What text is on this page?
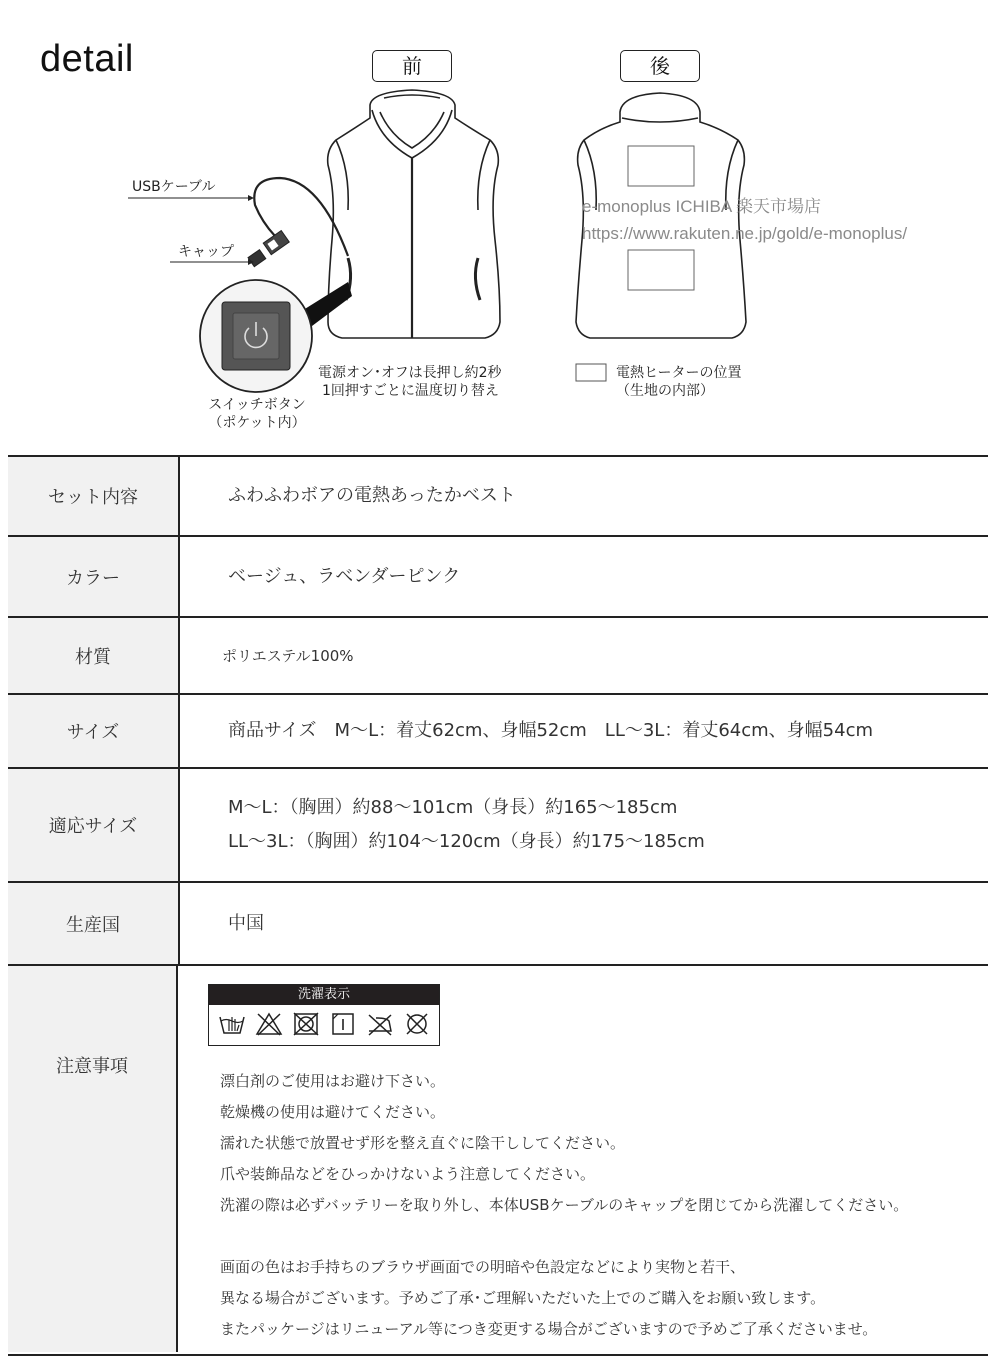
detail	前	後
USBケーブル
キャップ
スイッチボタン
（ポケット内）
電源オン･オフは長押し約2秒
1回押すごとに温度切り替え
電熱ヒーターの位置
（生地の内部）
e-monoplus ICHIBA 楽天市場店
https://www.rakuten.ne.jp/gold/e-monoplus/
セット内容	ふわふわボアの電熱あったかベスト
カラー	ベージュ、ラベンダーピンク
材質	ポリエステル100%
サイズ	商品サイズ　M〜L：着丈62cm、身幅52cm　LL〜3L：着丈64cm、身幅54cm
適応サイズ
M〜L：（胸囲）約88〜101cm（身長）約165〜185cm
LL〜3L：（胸囲）約104〜120cm（身長）約175〜185cm
生産国	中国
注意事項
洗濯表示
漂白剤のご使用はお避け下さい。
乾燥機の使用は避けてください。
濡れた状態で放置せず形を整え直ぐに陰干ししてください。
爪や装飾品などをひっかけないよう注意してください。
洗濯の際は必ずバッテリーを取り外し、本体USBケーブルのキャップを閉じてから洗濯してください。
画面の色はお手持ちのブラウザ画面での明暗や色設定などにより実物と若干、
異なる場合がございます。予めご了承･ご理解いただいた上でのご購入をお願い致します。
またパッケージはリニューアル等につき変更する場合がございますので予めご了承くださいませ。
